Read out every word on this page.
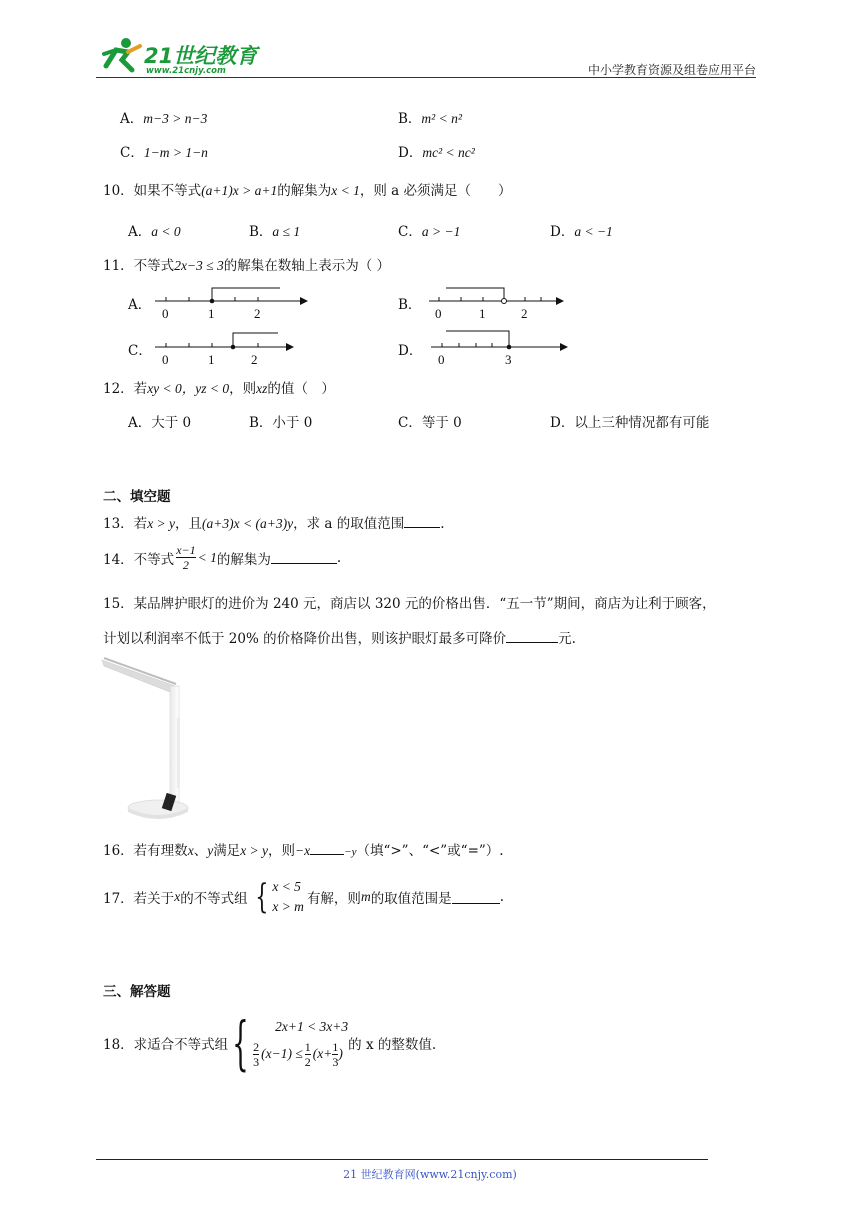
21世纪教育
www.21cnjy.com	中小学教育资源及组卷应用平台
A．m−3 > n−3	B．m² < n²
C．1−m > 1−n	D．mc² < nc²
10．如果不等式(a+1)x > a+1的解集为x < 1，则 a 必须满足（　　）
A．a < 0	B．a ≤ 1	C．a > −1	D．a < −1
11．不等式2x−3 ≤ 3的解集在数轴上表示为（ ）
A．
0	1	2
B．
0	1	2
C．
0	1	2
D．
0	3
12．若xy < 0，yz < 0，则xz的值（　）
A．大于 0	B．小于 0	C．等于 0	D．以上三种情况都有可能
二、填空题
13．若x > y，且(a+3)x < (a+3)y，求 a 的取值范围	.
14．不等式 $\frac{x-1}{2} < 1$ 的解集为	.
15．某品牌护眼灯的进价为 240 元，商店以 320 元的价格出售．“五一节”期间，商店为让利于顾客，
计划以利润率不低于 20% 的价格降价出售，则该护眼灯最多可降价	元.
16．若有理数x、y满足x > y，则−x	−y（填“>”、“<”或“=”）.
17．若关于 x 的不等式组 { x < 5
x > m 有解，则 m 的取值范围是	.
三、解答题
18．求适合不等式组 { 2x+1 < 3x+3
$\frac{2}{3} (x-1) \le \frac{1}{2} (x+ \frac{1}{3}$ )
的 x 的整数值.
21 世纪教育网(www.21cnjy.com)
